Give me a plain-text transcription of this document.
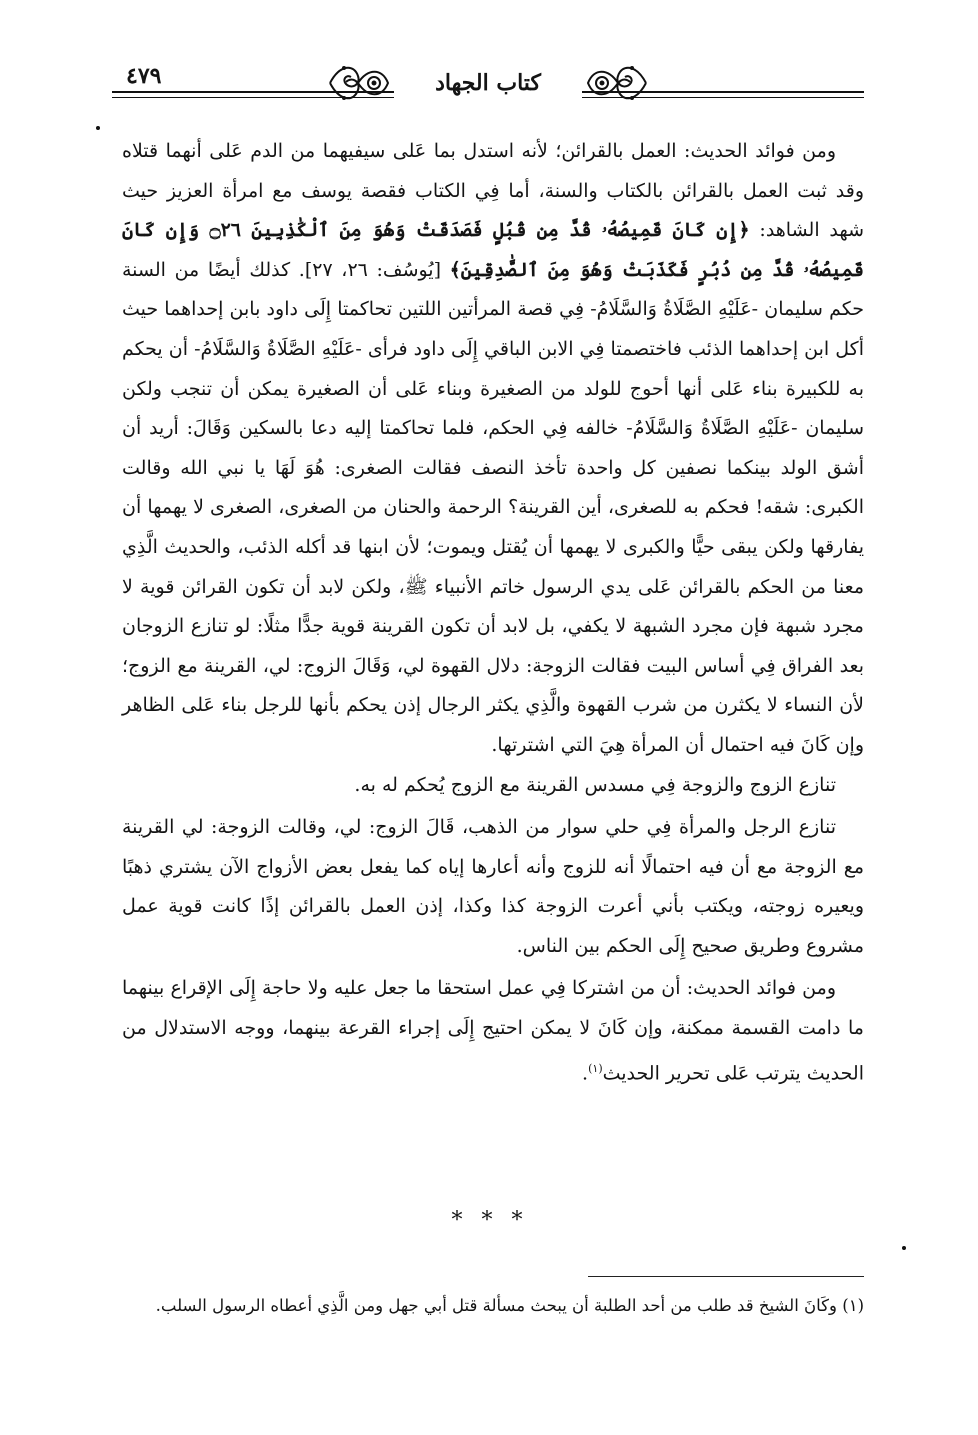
٤٧٩	كتاب الجهاد

ومن فوائد الحديث: العمل بالقرائن؛ لأنه استدل بما عَلى سيفيهما من الدم عَلى أنهما قتلاه وقد ثبت العمل بالقرائن بالكتاب والسنة، أما فِي الكتاب فقصة يوسف مع امرأة العزيز حيث شهد الشاهد: ﴿إِن كَانَ قَمِيصُهُۥ قُدَّ مِن قُبُلٍ فَصَدَقَتْ وَهُوَ مِنَ ٱلْكَٰذِبِينَ ۝٢٦ وَإِن كَانَ قَمِيصُهُۥ قُدَّ مِن دُبُرٍ فَكَذَبَتْ وَهُوَ مِنَ ٱلصَّٰدِقِينَ﴾ [يُوسُف: ٢٦، ٢٧]. كذلك أيضًا من السنة حكم سليمان -عَلَيْهِ الصَّلَاةُ وَالسَّلَامُ- فِي قصة المرأتين اللتين تحاكمتا إِلَى داود بابن إحداهما حيث أكل ابن إحداهما الذئب فاختصمتا فِي الابن الباقي إِلَى داود فرأى -عَلَيْهِ الصَّلَاةُ وَالسَّلَامُ- أن يحكم به للكبيرة بناء عَلى أنها أحوج للولد من الصغيرة وبناء عَلى أن الصغيرة يمكن أن تنجب ولكن سليمان -عَلَيْهِ الصَّلَاةُ وَالسَّلَامُ- خالفه فِي الحكم، فلما تحاكمتا إليه دعا بالسكين وَقَالَ: أريد أن أشق الولد بينكما نصفين كل واحدة تأخذ النصف فقالت الصغرى: هُوَ لَهَا يا نبي الله وقالت الكبرى: شقه! فحكم به للصغرى، أين القرينة؟ الرحمة والحنان من الصغرى، الصغرى لا يهمها أن يفارقها ولكن يبقى حيًّا والكبرى لا يهمها أن يُقتل ويموت؛ لأن ابنها قد أكله الذئب، والحديث الَّذِي معنا من الحكم بالقرائن عَلى يدي الرسول خاتم الأنبياء ﷺ، ولكن لابد أن تكون القرائن قوية لا مجرد شبهة فإن مجرد الشبهة لا يكفي، بل لابد أن تكون القرينة قوية جدًّا مثلًا: لو تنازع الزوجان بعد الفراق فِي أساس البيت فقالت الزوجة: دلال القهوة لي، وَقَالَ الزوج: لي، القرينة مع الزوج؛ لأن النساء لا يكثرن من شرب القهوة والَّذِي يكثر الرجال إذن يحكم بأنها للرجل بناء عَلى الظاهر وإن كَانَ فيه احتمال أن المرأة هِيَ التي اشترتها.

تنازع الزوج والزوجة فِي مسدس القرينة مع الزوج يُحكم له به.

تنازع الرجل والمرأة فِي حلي سوار من الذهب، قَالَ الزوج: لي، وقالت الزوجة: لي القرينة مع الزوجة مع أن فيه احتمالًا أنه للزوج وأنه أعارها إياه كما يفعل بعض الأزواج الآن يشتري ذهبًا ويعيره زوجته، ويكتب بأني أعرت الزوجة كذا وكذا، إذن العمل بالقرائن إذًا كانت قوية عمل مشروع وطريق صحيح إِلَى الحكم بين الناس.

ومن فوائد الحديث: أن من اشتركا فِي عمل استحقا ما جعل عليه ولا حاجة إِلَى الإقراع بينهما ما دامت القسمة ممكنة، وإن كَانَ لا يمكن احتيج إِلَى إجراء القرعة بينهما، ووجه الاستدلال من الحديث يترتب عَلى تحرير الحديث$^{(١)}$.

* * *
(١) وكَانَ الشيخ قد طلب من أحد الطلبة أن يبحث مسألة قتل أبي جهل ومن الَّذِي أعطاه الرسول السلب.
